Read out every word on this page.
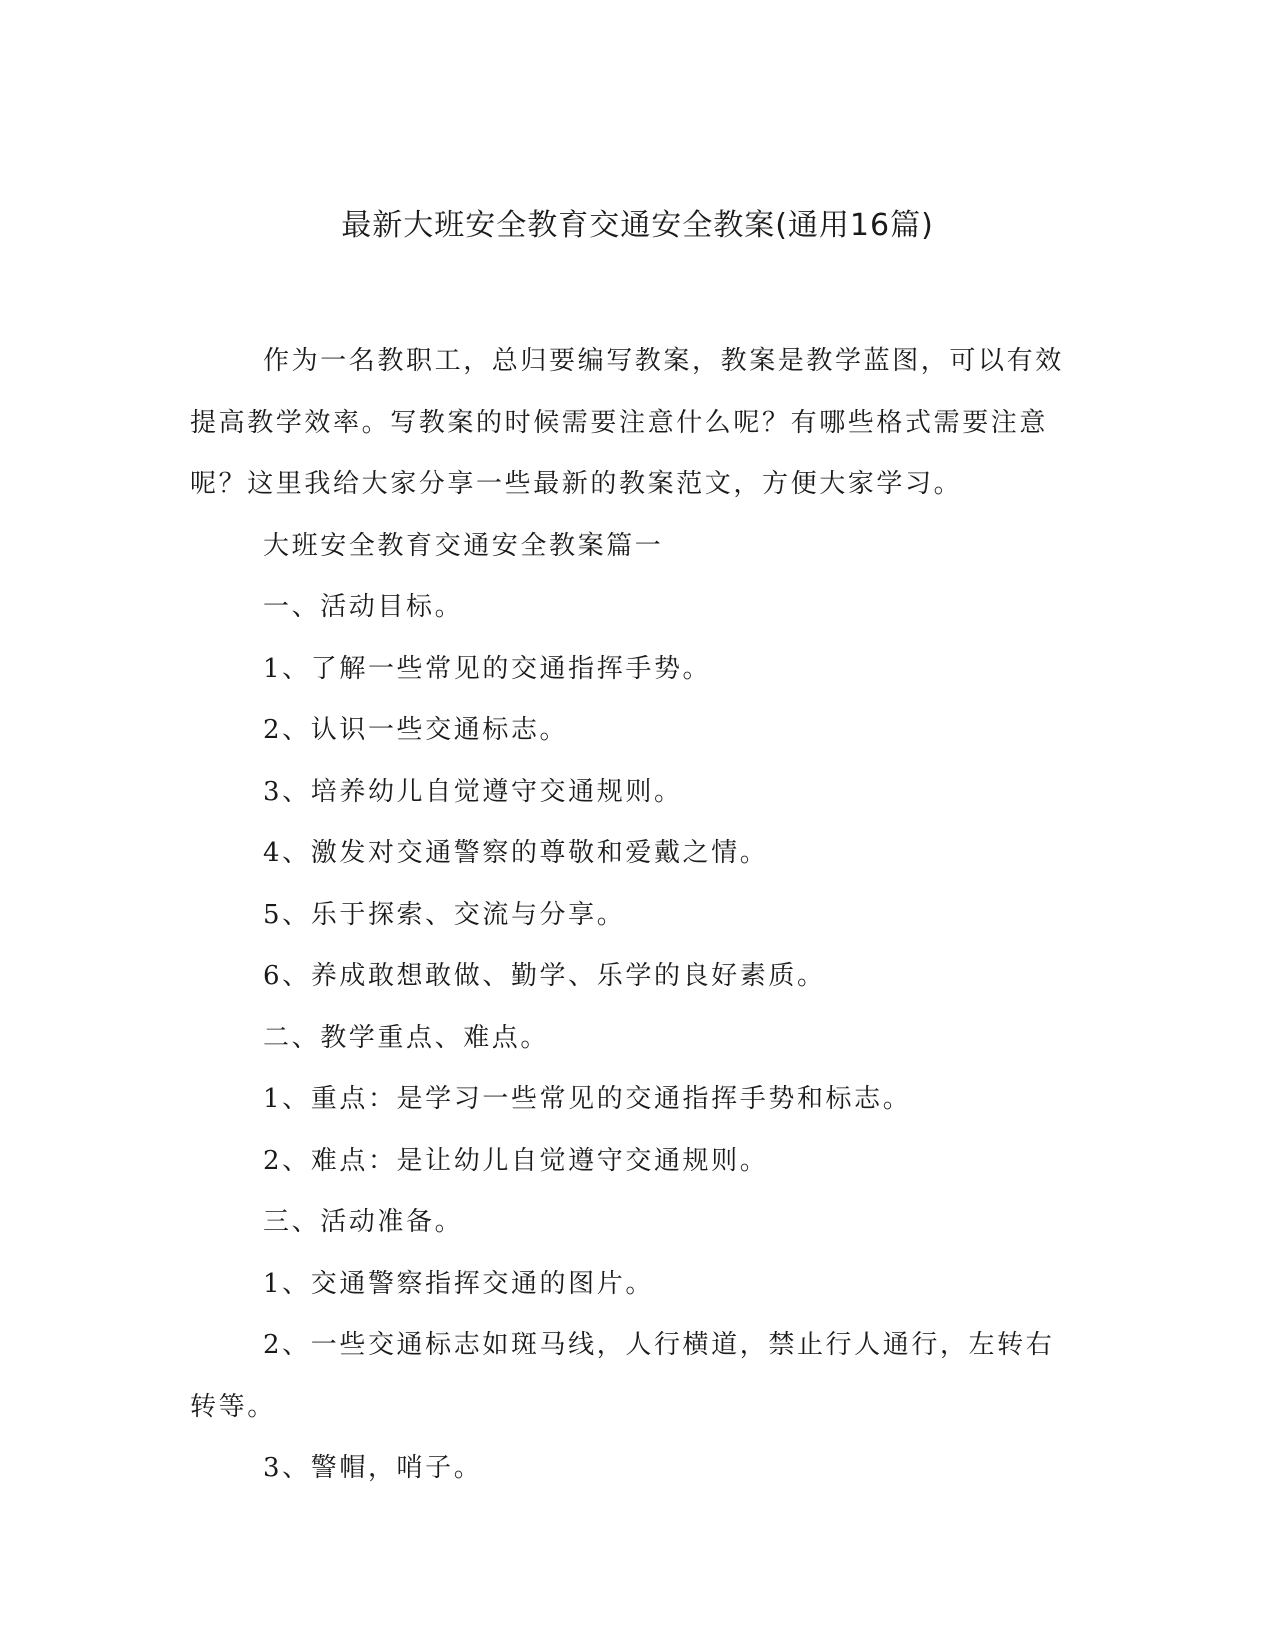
最新大班安全教育交通安全教案(通用16篇)

作为一名教职工，总归要编写教案，教案是教学蓝图，可以有效提高教学效率。写教案的时候需要注意什么呢？有哪些格式需要注意呢？这里我给大家分享一些最新的教案范文，方便大家学习。

大班安全教育交通安全教案篇一

一、活动目标。

1、了解一些常见的交通指挥手势。

2、认识一些交通标志。

3、培养幼儿自觉遵守交通规则。

4、激发对交通警察的尊敬和爱戴之情。

5、乐于探索、交流与分享。

6、养成敢想敢做、勤学、乐学的良好素质。

二、教学重点、难点。

1、重点：是学习一些常见的交通指挥手势和标志。

2、难点：是让幼儿自觉遵守交通规则。

三、活动准备。

1、交通警察指挥交通的图片。

2、一些交通标志如斑马线，人行横道，禁止行人通行，左转右转等。

3、警帽，哨子。
